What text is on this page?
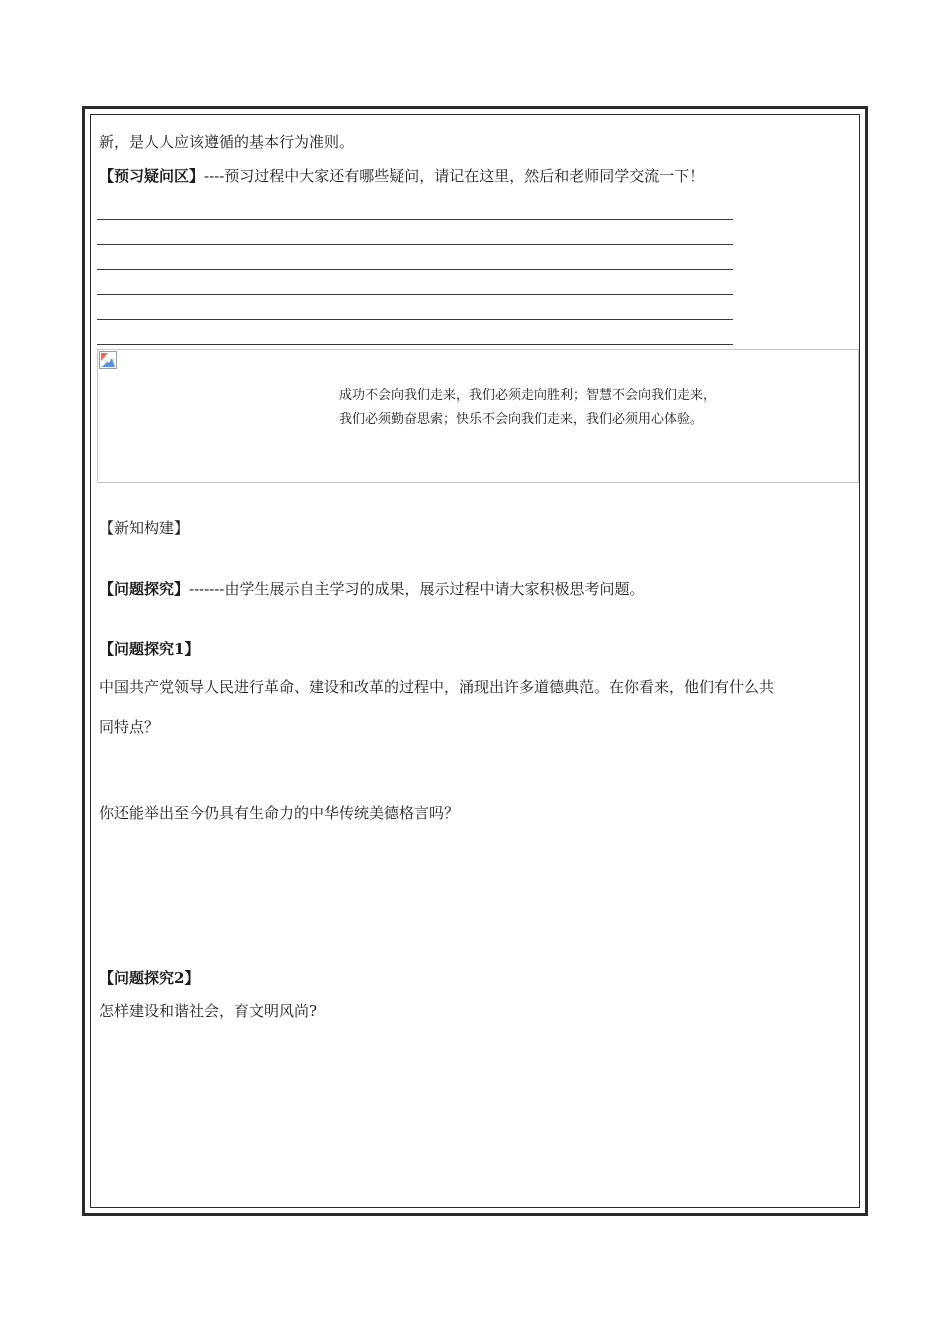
新，是人人应该遵循的基本行为准则。
【预习疑问区】----预习过程中大家还有哪些疑问，请记在这里，然后和老师同学交流一下！
成功不会向我们走来，我们必须走向胜利；智慧不会向我们走来，
我们必须勤奋思索；快乐不会向我们走来，我们必须用心体验。
【新知构建】
【问题探究】-------由学生展示自主学习的成果，展示过程中请大家积极思考问题。
【问题探究1】
中国共产党领导人民进行革命、建设和改革的过程中，涌现出许多道德典范。在你看来，他们有什么共
同特点？
你还能举出至今仍具有生命力的中华传统美德格言吗？
【问题探究2】
怎样建设和谐社会，育文明风尚?
